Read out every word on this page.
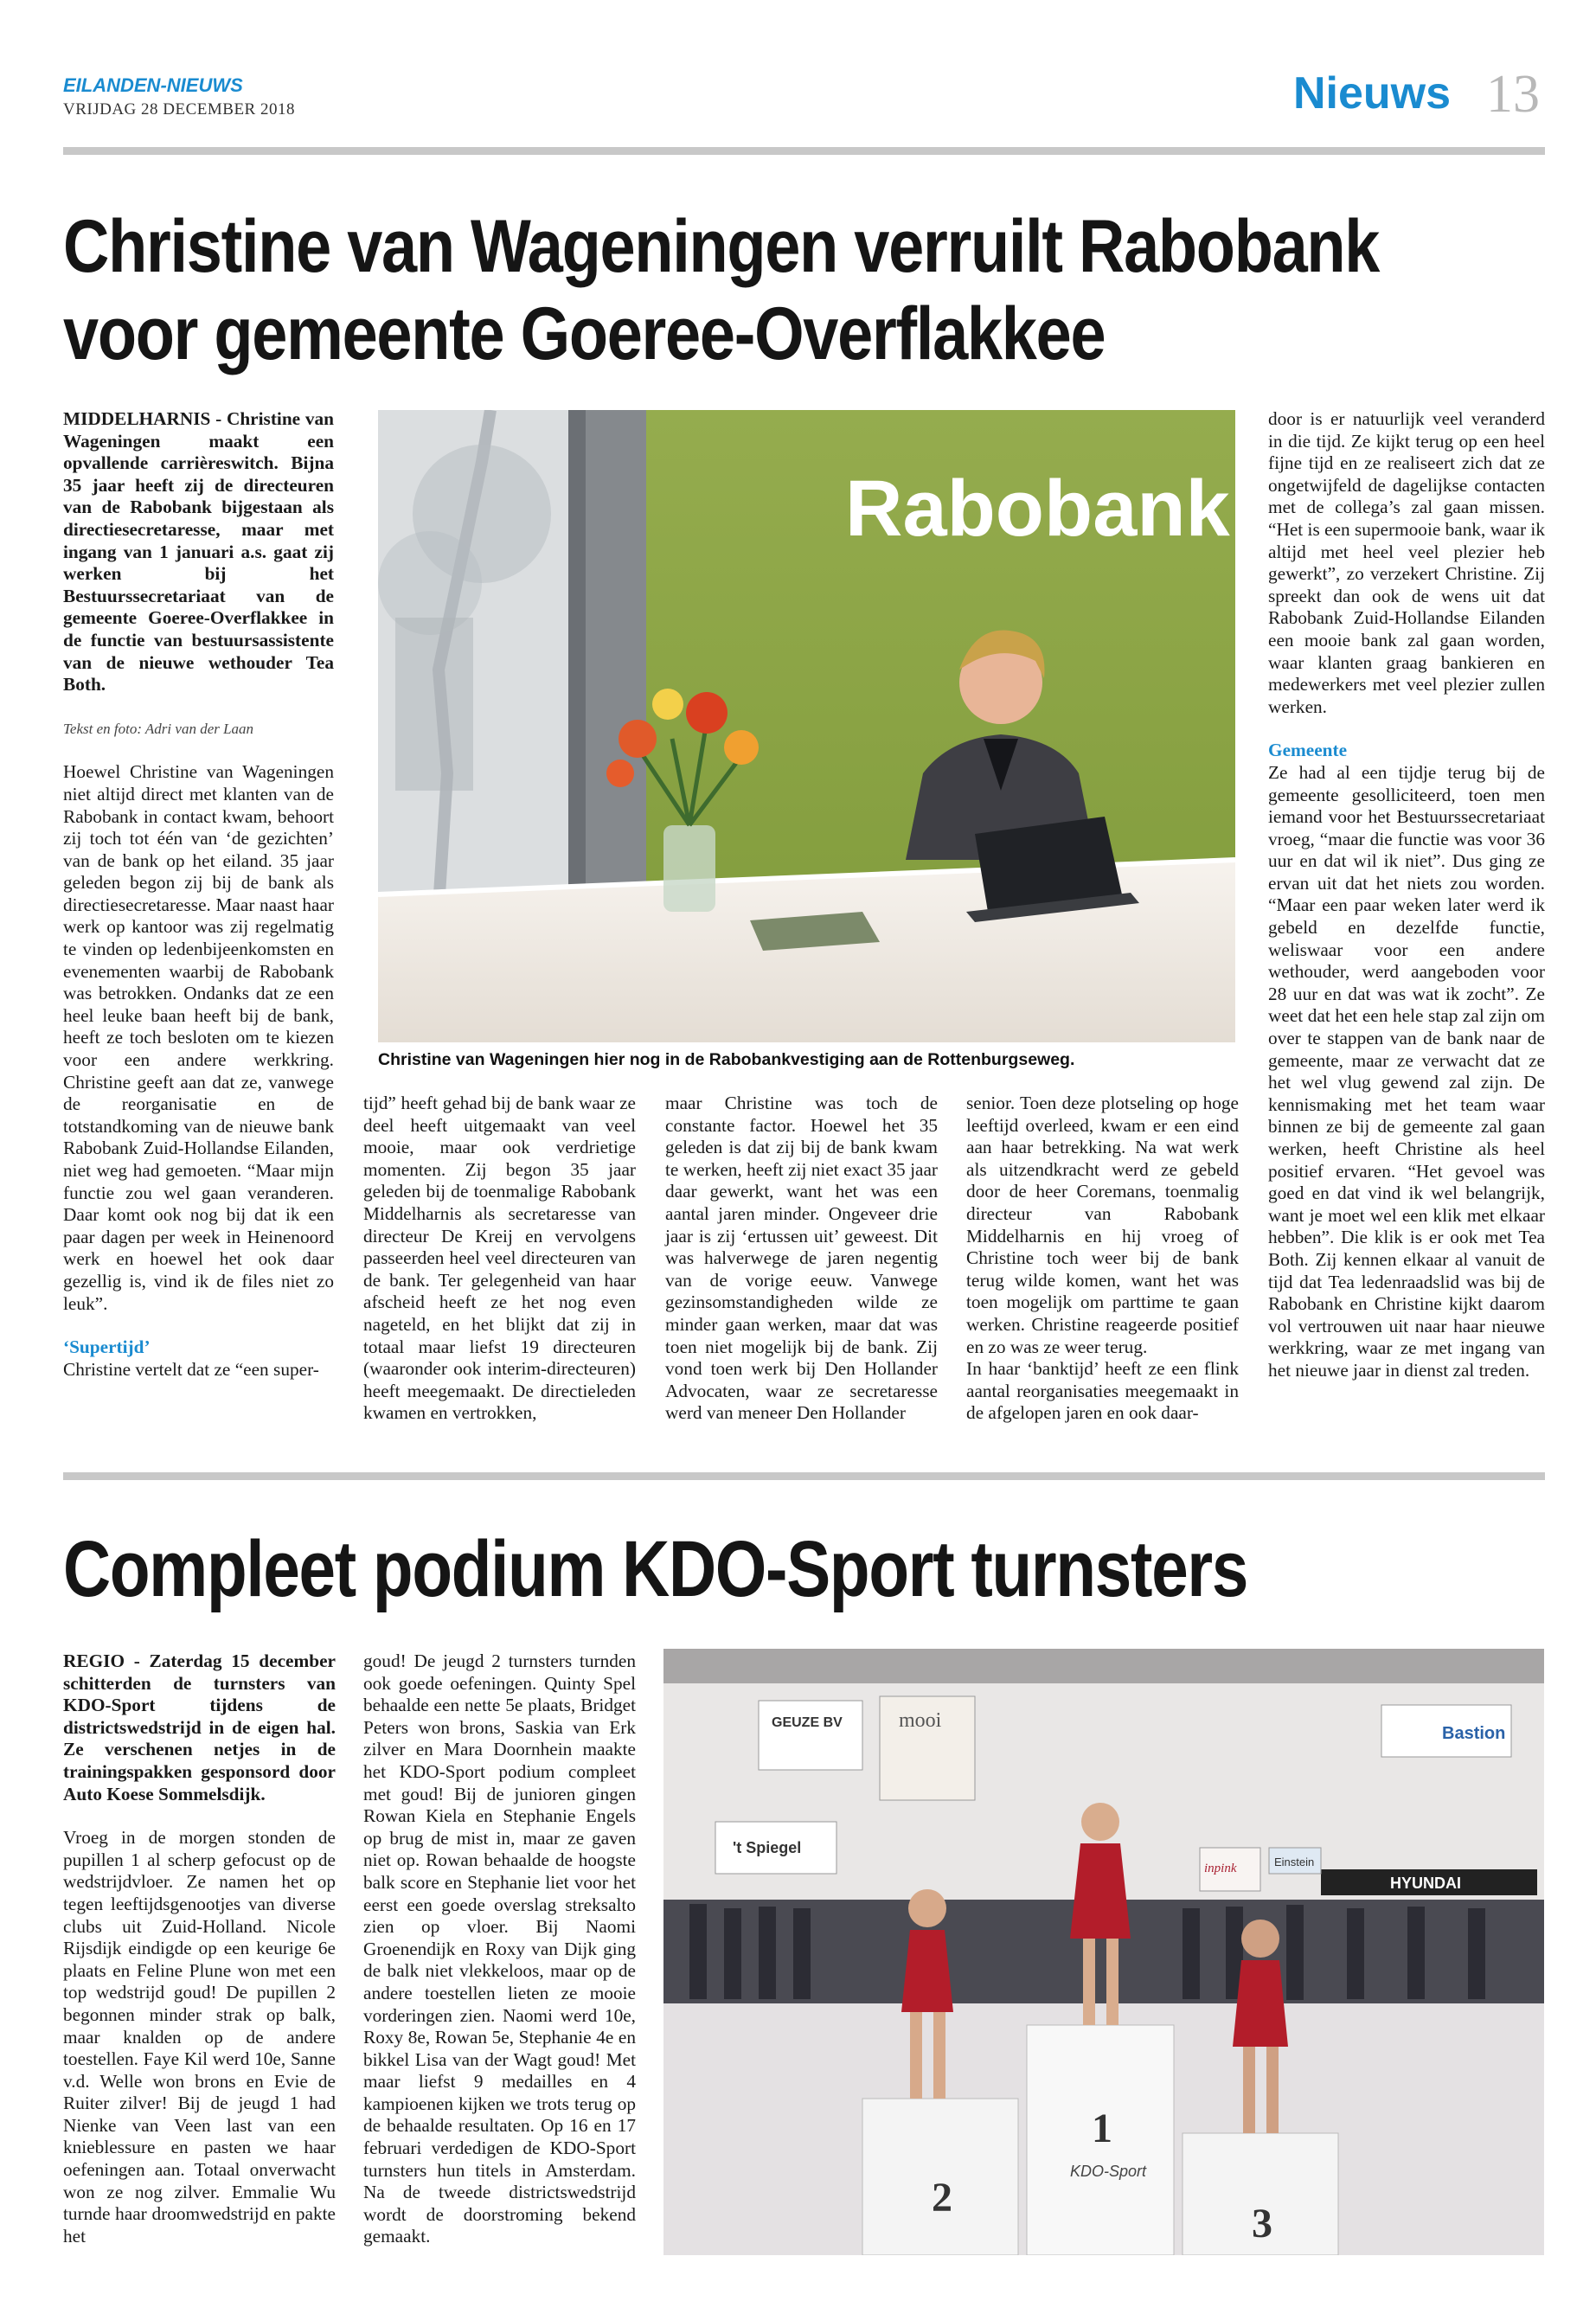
EILANDEN-NIEUWS
VRIJDAG 28 DECEMBER 2018	Nieuws 13
Christine van Wageningen verruilt Rabobank
voor gemeente Goeree-Overflakkee

MIDDELHARNIS - Christine van Wageningen maakt een opvallende carrièreswitch. Bijna 35 jaar heeft zij de directeuren van de Rabobank bijgestaan als directiesecretaresse, maar met ingang van 1 januari a.s. gaat zij werken bij het Bestuurssecretariaat van de gemeente Goeree-Overflakkee in de functie van bestuursassistente van de nieuwe wethouder Tea Both.

Tekst en foto: Adri van der Laan

Hoewel Christine van Wageningen niet altijd direct met klanten van de Rabobank in contact kwam, behoort zij toch tot één van ‘de gezichten’ van de bank op het eiland. 35 jaar geleden begon zij bij de bank als directiesecretaresse. Maar naast haar werk op kantoor was zij regelmatig te vinden op ledenbijeenkomsten en evenementen waarbij de Rabobank was betrokken. Ondanks dat ze een heel leuke baan heeft bij de bank, heeft ze toch besloten om te kiezen voor een andere werkkring. Christine geeft aan dat ze, vanwege de reorganisatie en de totstandkoming van de nieuwe bank Rabobank Zuid-Hollandse Eilanden, niet weg had gemoeten. “Maar mijn functie zou wel gaan veranderen. Daar komt ook nog bij dat ik een paar dagen per week in Heinenoord werk en hoewel het ook daar gezellig is, vind ik de files niet zo leuk”.

‘Supertijd’
Christine vertelt dat ze “een super-
Rabobank
Christine van Wageningen hier nog in de Rabobankvestiging aan de Rottenburgseweg.
tijd” heeft gehad bij de bank waar ze deel heeft uitgemaakt van veel mooie, maar ook verdrietige momenten. Zij begon 35 jaar geleden bij de toenmalige Rabobank Middelharnis als secretaresse van directeur De Kreij en vervolgens passeerden heel veel directeuren van de bank. Ter gelegenheid van haar afscheid heeft ze het nog even nageteld, en het blijkt dat zij in totaal maar liefst 19 directeuren (waaronder ook interim-directeuren) heeft meegemaakt. De directieleden kwamen en vertrokken,
maar Christine was toch de constante factor. Hoewel het 35 geleden is dat zij bij de bank kwam te werken, heeft zij niet exact 35 jaar daar gewerkt, want het was een aantal jaren minder. Ongeveer drie jaar is zij ‘ertussen uit’ geweest. Dit was halverwege de jaren negentig van de vorige eeuw. Vanwege gezinsomstandigheden wilde ze minder gaan werken, maar dat was toen niet mogelijk bij de bank. Zij vond toen werk bij Den Hollander Advocaten, waar ze secretaresse werd van meneer Den Hollander
senior. Toen deze plotseling op hoge leeftijd overleed, kwam er een eind aan haar betrekking. Na wat werk als uitzendkracht werd ze gebeld door de heer Coremans, toenmalig directeur van Rabobank Middelharnis en hij vroeg of Christine toch weer bij de bank terug wilde komen, want het was toen mogelijk om parttime te gaan werken. Christine reageerde positief en zo was ze weer terug.
In haar ‘banktijd’ heeft ze een flink aantal reorganisaties meegemaakt in de afgelopen jaren en ook daar-

door is er natuurlijk veel veranderd in die tijd. Ze kijkt terug op een heel fijne tijd en ze realiseert zich dat ze ongetwijfeld de dagelijkse contacten met de collega’s zal gaan missen. “Het is een supermooie bank, waar ik altijd met heel veel plezier heb gewerkt”, zo verzekert Christine. Zij spreekt dan ook de wens uit dat Rabobank Zuid-Hollandse Eilanden een mooie bank zal gaan worden, waar klanten graag bankieren en medewerkers met veel plezier zullen werken.

Gemeente
Ze had al een tijdje terug bij de gemeente gesolliciteerd, toen men iemand voor het Bestuurssecretariaat vroeg, “maar die functie was voor 36 uur en dat wil ik niet”. Dus ging ze ervan uit dat het niets zou worden. “Maar een paar weken later werd ik gebeld en dezelfde functie, weliswaar voor een andere wethouder, werd aangeboden voor 28 uur en dat was wat ik zocht”. Ze weet dat het een hele stap zal zijn om over te stappen van de bank naar de gemeente, maar ze verwacht dat ze het wel vlug gewend zal zijn. De kennismaking met het team waar binnen ze bij de gemeente zal gaan werken, heeft Christine als heel positief ervaren. “Het gevoel was goed en dat vind ik wel belangrijk, want je moet wel een klik met elkaar hebben”. Die klik is er ook met Tea Both. Zij kennen elkaar al vanuit de tijd dat Tea ledenraadslid was bij de Rabobank en Christine kijkt daarom vol vertrouwen uit naar haar nieuwe werkkring, waar ze met ingang van het nieuwe jaar in dienst zal treden.
Compleet podium KDO-Sport turnsters

REGIO - Zaterdag 15 december schitterden de turnsters van KDO-Sport tijdens de districtswedstrijd in de eigen hal. Ze verschenen netjes in de trainingspakken gesponsord door Auto Koese Sommelsdijk.

Vroeg in de morgen stonden de pupillen 1 al scherp gefocust op de wedstrijdvloer. Ze namen het op tegen leeftijdsgenootjes van diverse clubs uit Zuid-Holland. Nicole Rijsdijk eindigde op een keurige 6e plaats en Feline Plune won met een top wedstrijd goud! De pupillen 2 begonnen minder strak op balk, maar knalden op de andere toestellen. Faye Kil werd 10e, Sanne v.d. Welle won brons en Evie de Ruiter zilver! Bij de jeugd 1 had Nienke van Veen last van een knieblessure en pasten we haar oefeningen aan. Totaal onverwacht won ze nog zilver. Emmalie Wu turnde haar droomwedstrijd en pakte het
goud! De jeugd 2 turnsters turnden ook goede oefeningen. Quinty Spel behaalde een nette 5e plaats, Bridget Peters won brons, Saskia van Erk zilver en Mara Doornhein maakte het KDO-Sport podium compleet met goud! Bij de junioren gingen Rowan Kiela en Stephanie Engels op brug de mist in, maar ze gaven niet op. Rowan behaalde de hoogste balk score en Stephanie liet voor het eerst een goede overslag streksalto zien op vloer. Bij Naomi Groenendijk en Roxy van Dijk ging de balk niet vlekkeloos, maar op de andere toestellen lieten ze mooie vorderingen zien. Naomi werd 10e, Roxy 8e, Rowan 5e, Stephanie 4e en bikkel Lisa van der Wagt goud! Met maar liefst 9 medailles en 4 kampioenen kijken we trots terug op de behaalde resultaten. Op 16 en 17 februari verdedigen de KDO-Sport turnsters hun titels in Amsterdam. Na de tweede districtswedstrijd wordt de doorstroming bekend gemaakt.
GEUZE BV	mooi
Bastion
't Spiegel
HYUNDAI
Einstein
inpink
2
1
3
KDO-Sport
